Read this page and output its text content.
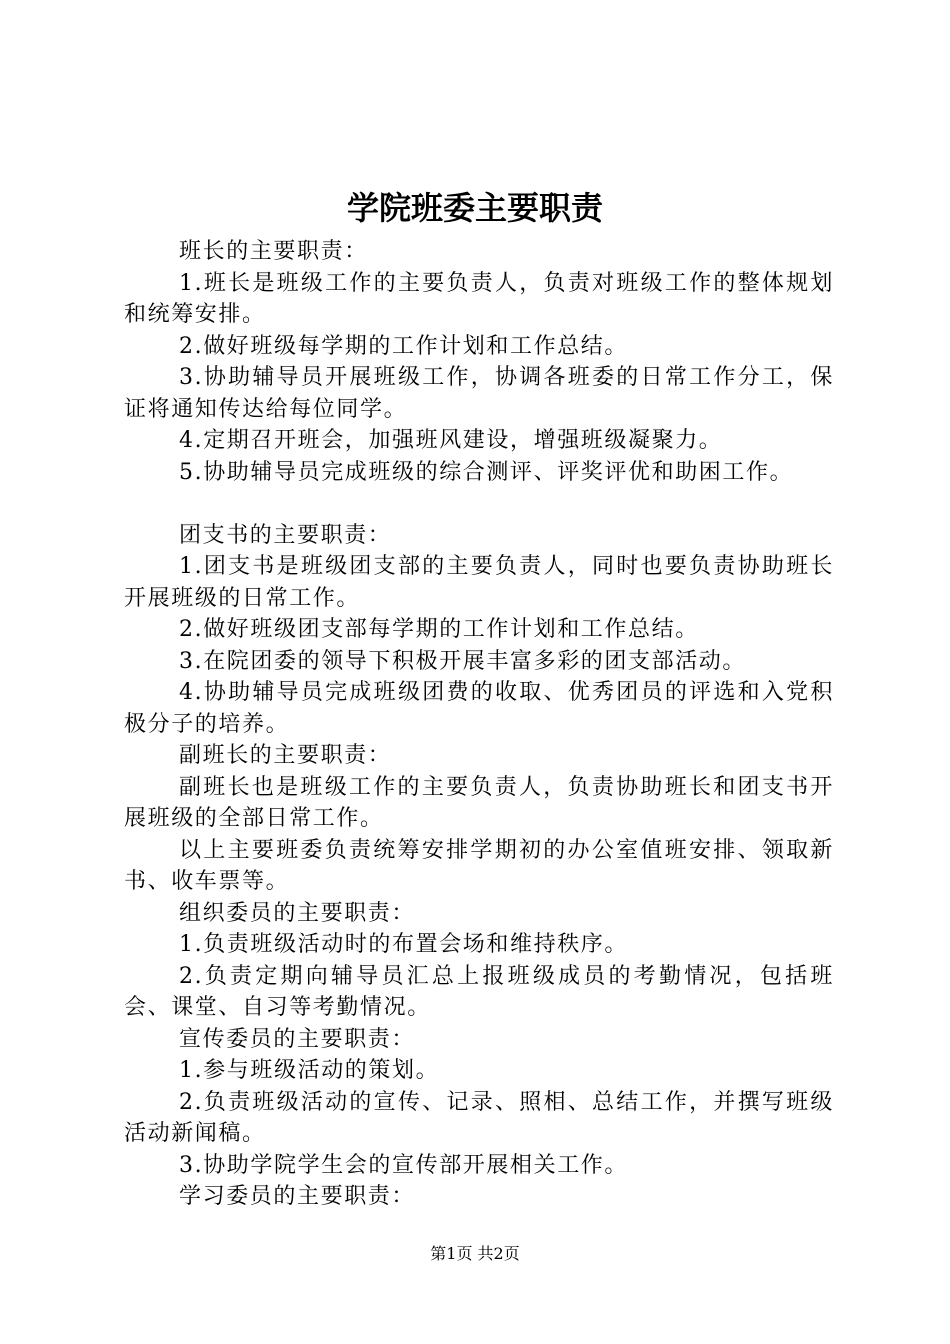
学院班委主要职责

班长的主要职责：

1.班长是班级工作的主要负责人，负责对班级工作的整体规划和统筹安排。

2.做好班级每学期的工作计划和工作总结。

3.协助辅导员开展班级工作，协调各班委的日常工作分工，保证将通知传达给每位同学。

4.定期召开班会，加强班风建设，增强班级凝聚力。

5.协助辅导员完成班级的综合测评、评奖评优和助困工作。

团支书的主要职责：

1.团支书是班级团支部的主要负责人，同时也要负责协助班长开展班级的日常工作。

2.做好班级团支部每学期的工作计划和工作总结。

3.在院团委的领导下积极开展丰富多彩的团支部活动。

4.协助辅导员完成班级团费的收取、优秀团员的评选和入党积极分子的培养。

副班长的主要职责：

副班长也是班级工作的主要负责人，负责协助班长和团支书开展班级的全部日常工作。

以上主要班委负责统筹安排学期初的办公室值班安排、领取新书、收车票等。

组织委员的主要职责：

1.负责班级活动时的布置会场和维持秩序。

2.负责定期向辅导员汇总上报班级成员的考勤情况，包括班会、课堂、自习等考勤情况。

宣传委员的主要职责：

1.参与班级活动的策划。

2.负责班级活动的宣传、记录、照相、总结工作，并撰写班级活动新闻稿。

3.协助学院学生会的宣传部开展相关工作。

学习委员的主要职责：

第1页 共2页
